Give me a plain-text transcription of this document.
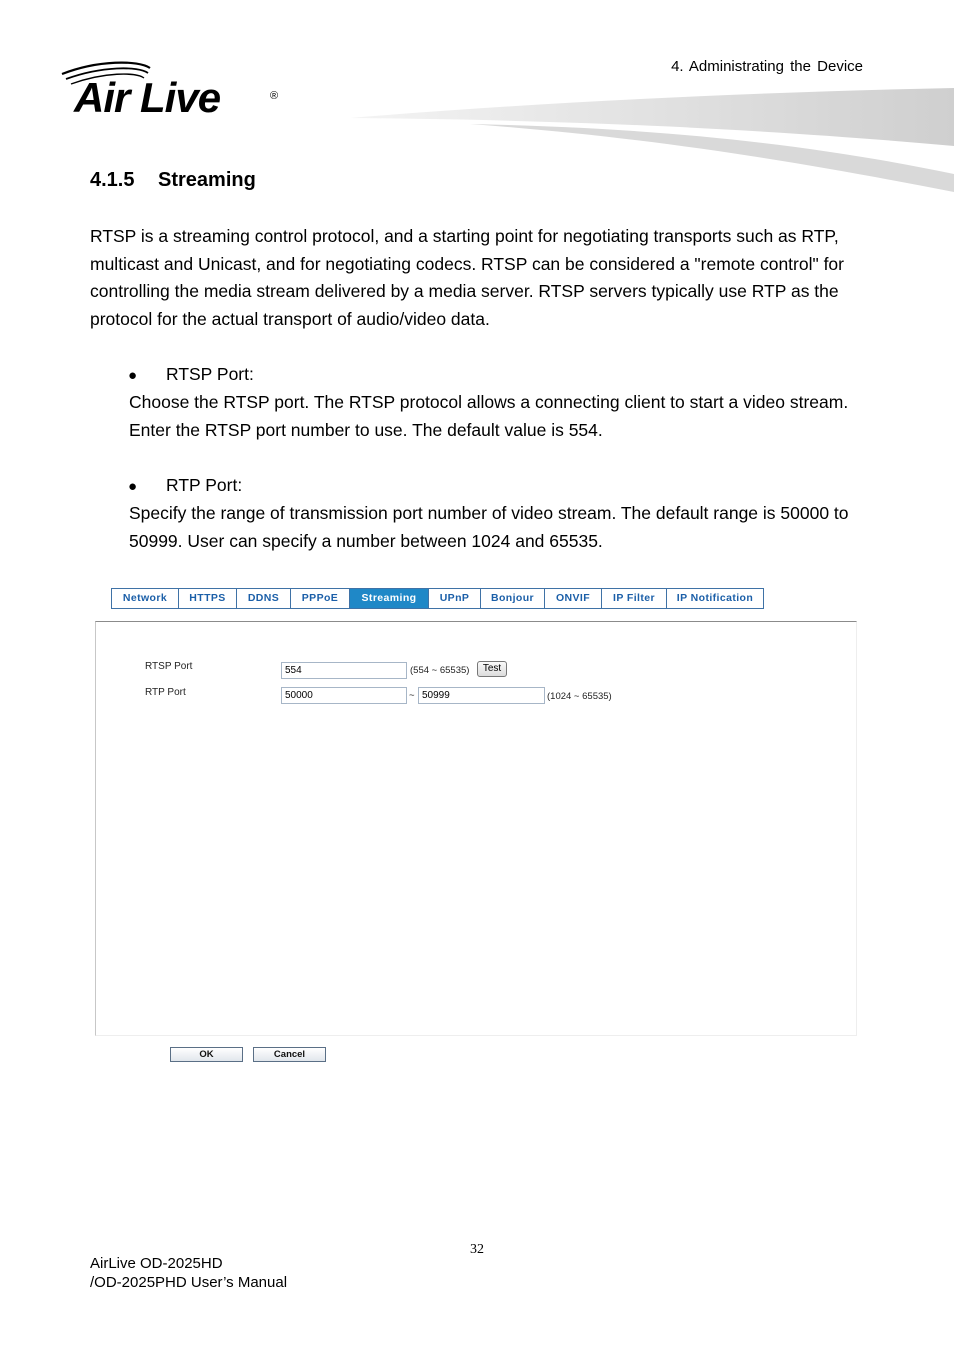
4. Administrating the Device
Air Live	®
4.1.5 Streaming
RTSP is a streaming control protocol, and a starting point for negotiating transports such as RTP, multicast and Unicast, and for negotiating codecs. RTSP can be considered a "remote control" for controlling the media stream delivered by a media server. RTSP servers typically use RTP as the protocol for the actual transport of audio/video data.
● RTSP Port:
Choose the RTSP port. The RTSP protocol allows a connecting client to start a video stream. Enter the RTSP port number to use. The default value is 554.
● RTP Port:
Specify the range of transmission port number of video stream. The default range is 50000 to 50999. User can specify a number between 1024 and 65535.
Network	HTTPS	DDNS	PPPoE	Streaming	UPnP	Bonjour	ONVIF	IP Filter	IP Notification
RTSP Port	554	(554 ~ 65535)	Test
RTP Port	50000	~ 50999	(1024 ~ 65535)
OK	Cancel
32
AirLive OD-2025HD
/OD-2025PHD User’s Manual
